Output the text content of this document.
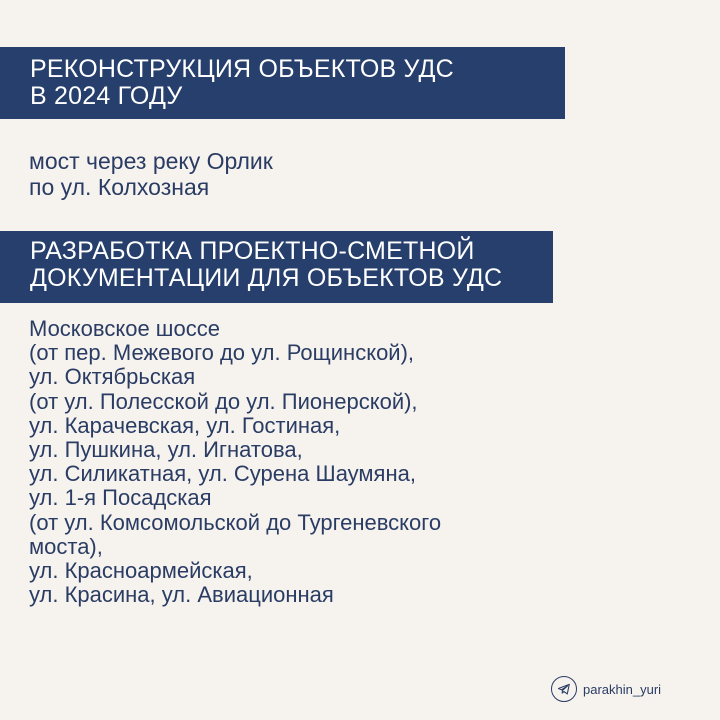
РЕКОНСТРУКЦИЯ ОБЪЕКТОВ УДС
В 2024 ГОДУ
мост через реку Орлик
по ул. Колхозная
РАЗРАБОТКА ПРОЕКТНО-СМЕТНОЙ
ДОКУМЕНТАЦИИ ДЛЯ ОБЪЕКТОВ УДС
Московское шоссе
(от пер. Межевого до ул. Рощинской),
ул. Октябрьская
(от ул. Полесской до ул. Пионерской),
ул. Карачевская, ул. Гостиная,
ул. Пушкина, ул. Игнатова,
ул. Силикатная, ул. Сурена Шаумяна,
ул. 1-я Посадская
(от ул. Комсомольской до Тургеневского
моста),
ул. Красноармейская,
ул. Красина, ул. Авиационная
parakhin_yuri
